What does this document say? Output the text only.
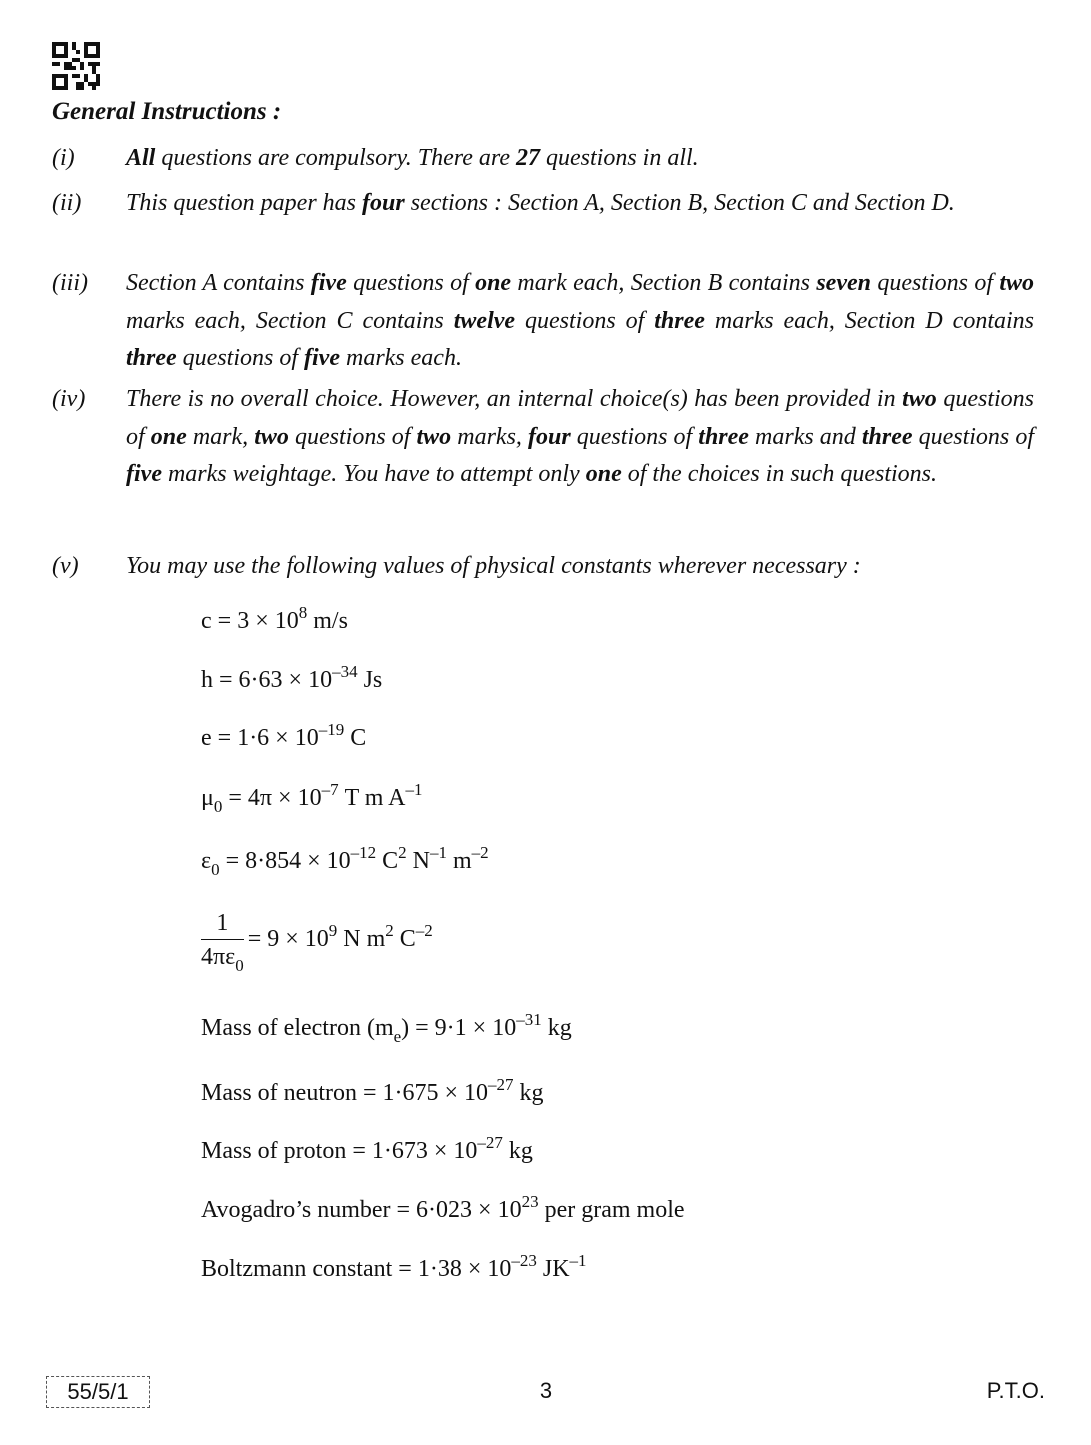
General Instructions :
(i)	All questions are compulsory. There are 27 questions in all.
(ii)	This question paper has four sections : Section A, Section B, Section C and Section D.
(iii)	Section A contains five questions of one mark each, Section B contains seven questions of two marks each, Section C contains twelve questions of three marks each, Section D contains three questions of five marks each.
(iv)	There is no overall choice. However, an internal choice(s) has been provided in two questions of one mark, two questions of two marks, four questions of three marks and three questions of five marks weightage. You have to attempt only one of the choices in such questions.
(v)	You may use the following values of physical constants wherever necessary :
$c = 3 \times 10^8$ m/s
$h = 6\cdot 63 \times 10^{-34}$ Js
$e = 1\cdot 6 \times 10^{-19}$ C
$\mu_0 = 4\pi \times 10^{-7}$ T m $A^{-1}$
$\varepsilon_0 = 8\cdot 854 \times 10^{-12}$ $C^2$ $N^{-1}$ $m^{-2}$
$\frac{1}{4\pi\varepsilon_0} = 9 \times 10^9$ N $m^2$ $C^{-2}$
Mass of electron $(m_e) = 9\cdot 1 \times 10^{-31}$ kg
Mass of neutron = $1\cdot 675 \times 10^{-27}$ kg
Mass of proton = $1\cdot 673 \times 10^{-27}$ kg
Avogadro’s number = $6\cdot 023 \times 10^{23}$ per gram mole
Boltzmann constant = $1\cdot 38 \times 10^{-23}$ $JK^{-1}$
55/5/1	3	P.T.O.
